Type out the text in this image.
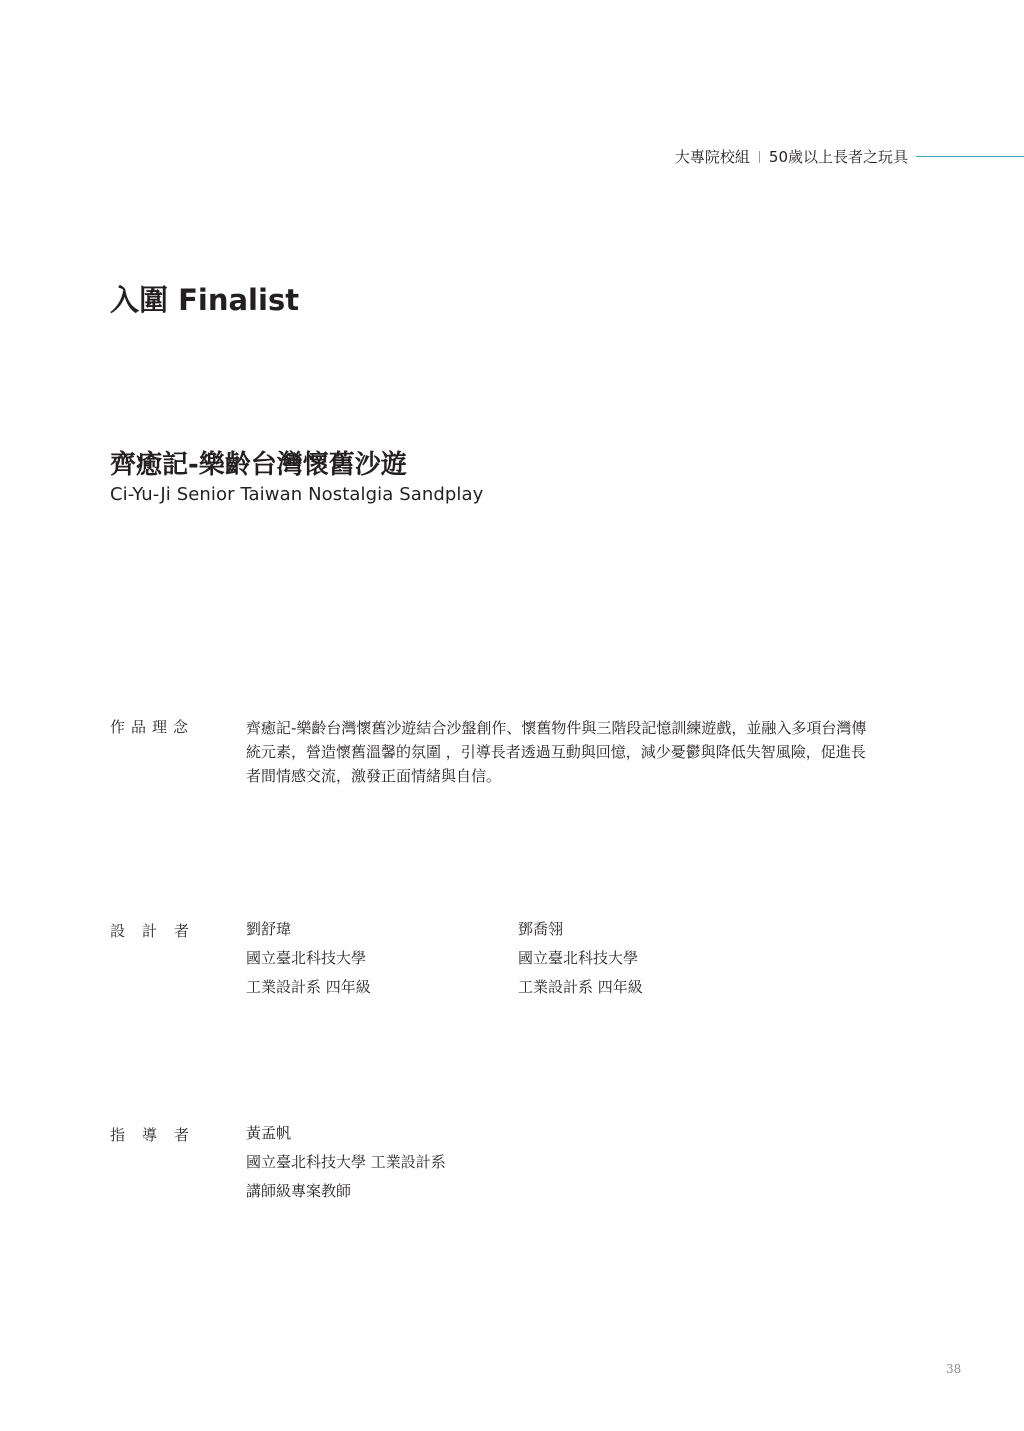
大專院校組 50歲以上長者之玩具
入圍 Finalist
齊癒記-樂齡台灣懷舊沙遊
Ci-Yu-Ji Senior Taiwan Nostalgia Sandplay
作品理念	齊癒記-樂齡台灣懷舊沙遊結合沙盤創作、懷舊物件與三階段記憶訓練遊戲，並融入多項台灣傳統元素，營造懷舊溫馨的氛圍 ，引導長者透過互動與回憶，減少憂鬱與降低失智風險，促進長者間情感交流，激發正面情緒與自信。
設計者	劉舒瑋
國立臺北科技大學
工業設計系 四年級
鄧喬翎
國立臺北科技大學
工業設計系 四年級
指導者	黃孟帆
國立臺北科技大學 工業設計系
講師級專案教師
38
